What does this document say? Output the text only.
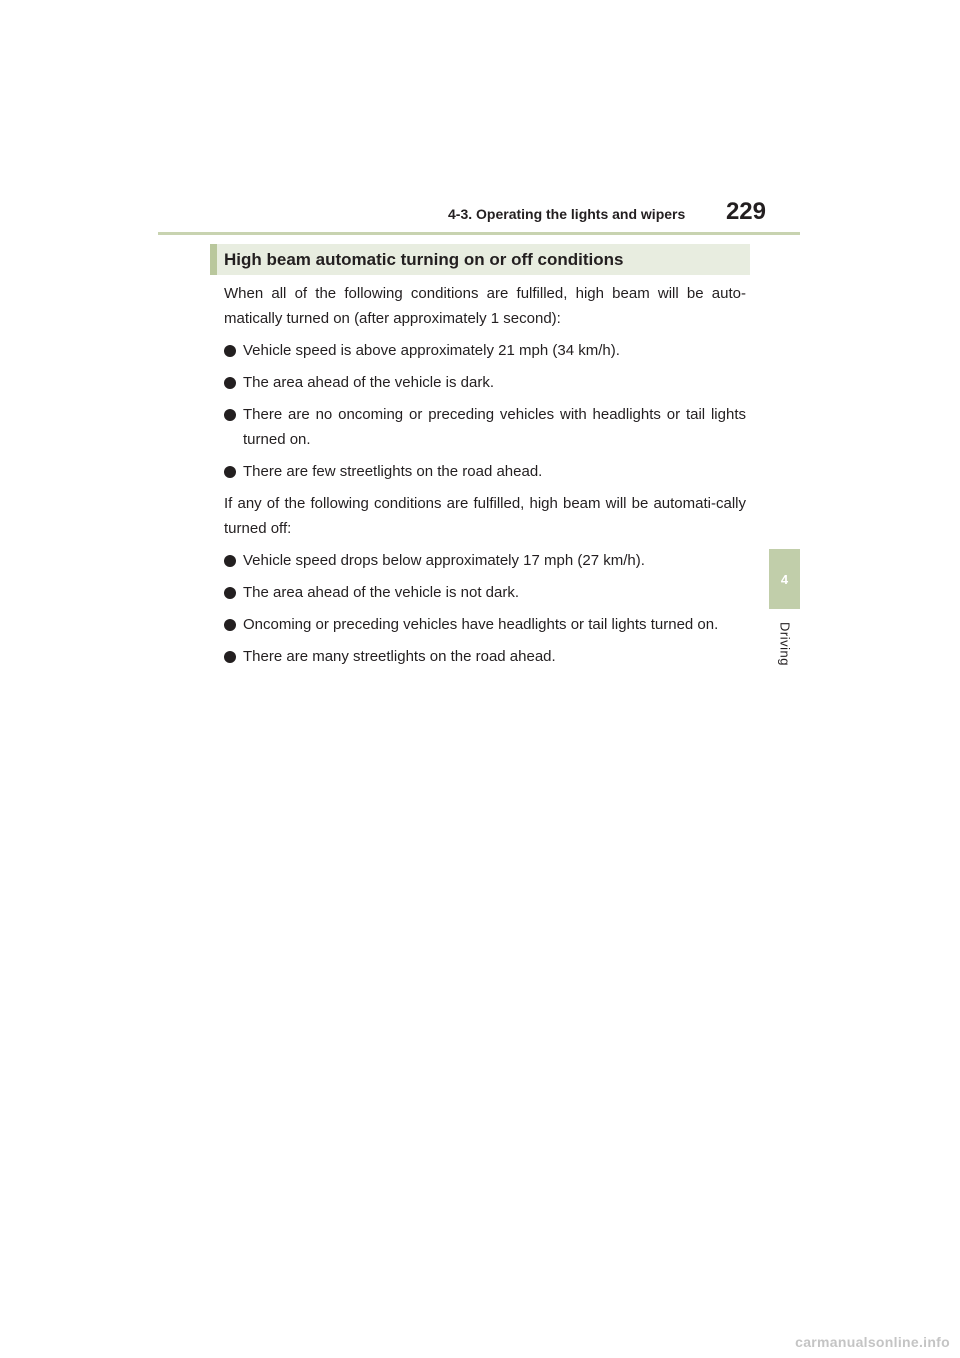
4-3. Operating the lights and wipers	229
4
Driving
High beam automatic turning on or off conditions

When all of the following conditions are fulfilled, high beam will be auto-matically turned on (after approximately 1 second):

Vehicle speed is above approximately 21 mph (34 km/h).
The area ahead of the vehicle is dark.
There are no oncoming or preceding vehicles with headlights or tail lights turned on.
There are few streetlights on the road ahead.

If any of the following conditions are fulfilled, high beam will be automati-cally turned off:

Vehicle speed drops below approximately 17 mph (27 km/h).
The area ahead of the vehicle is not dark.
Oncoming or preceding vehicles have headlights or tail lights turned on.
There are many streetlights on the road ahead.
carmanualsonline.info
